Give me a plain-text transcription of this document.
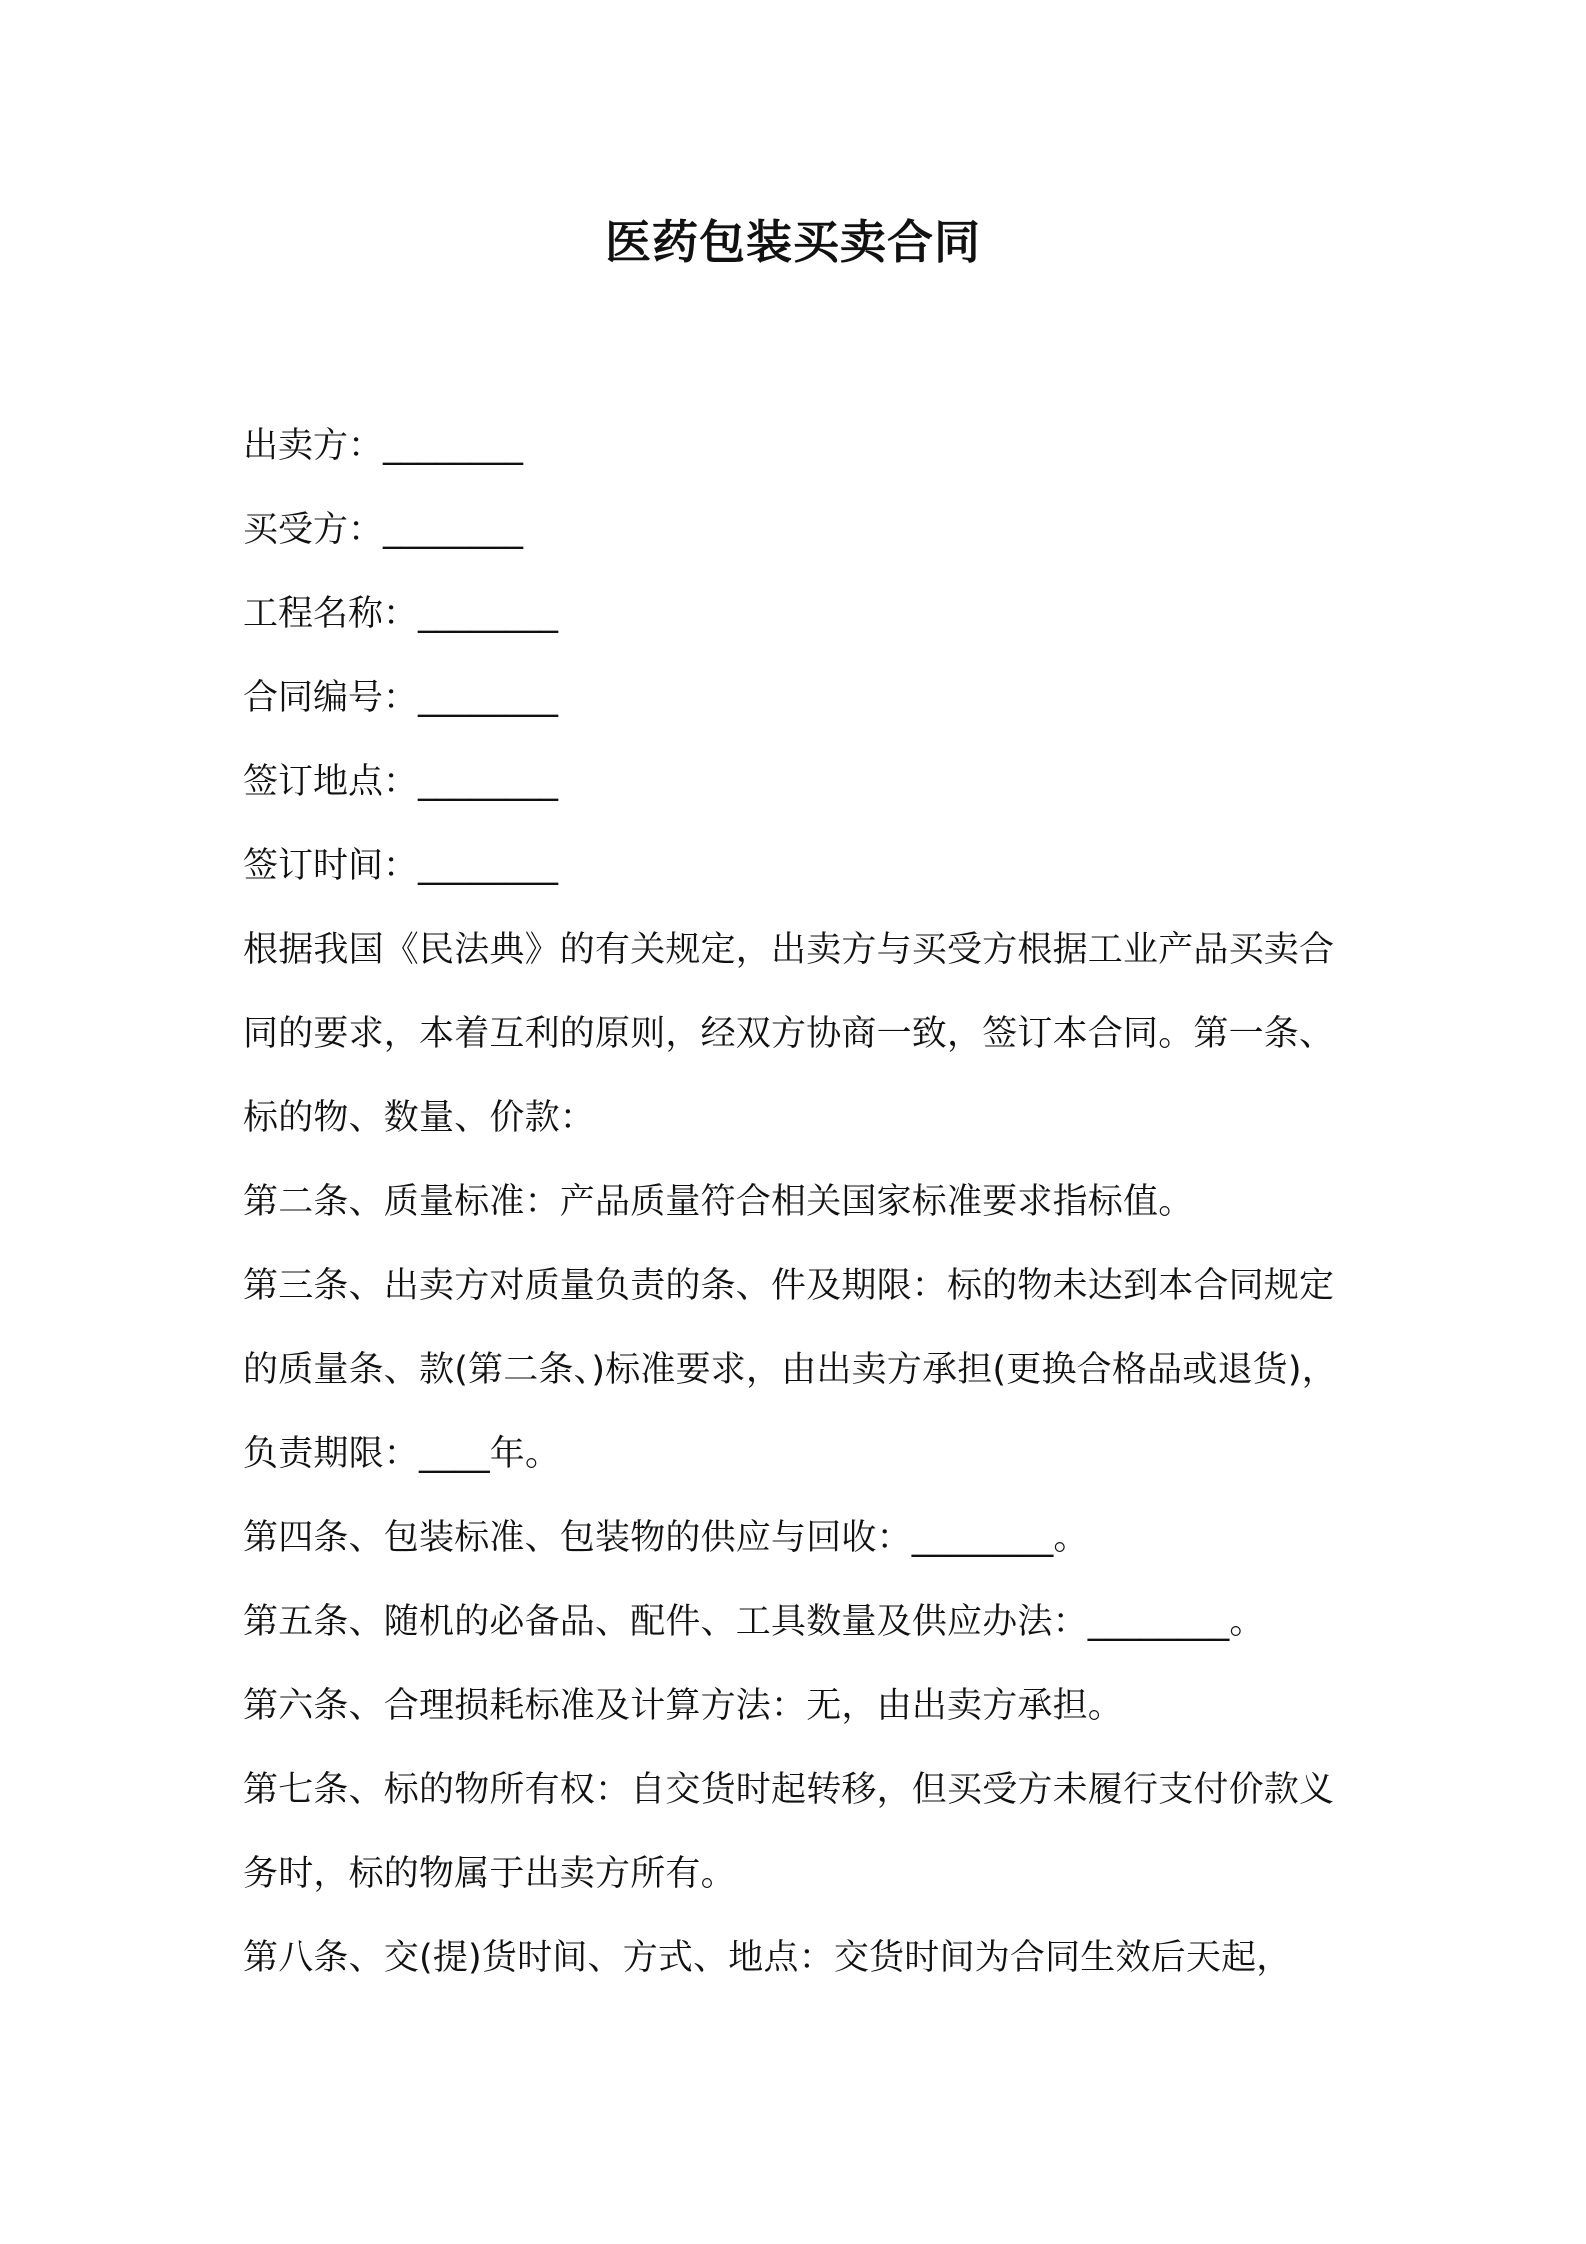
医药包装买卖合同
出卖方：________
买受方：________
工程名称：________
合同编号：________
签订地点：________
签订时间：________
根据我国《民法典》的有关规定，出卖方与买受方根据工业产品买卖合同的要求，本着互利的原则，经双方协商一致，签订本合同。第一条、标的物、数量、价款：
第二条、质量标准：产品质量符合相关国家标准要求指标值。
第三条、出卖方对质量负责的条、件及期限：标的物未达到本合同规定的质量条、款(第二条、)标准要求，由出卖方承担(更换合格品或退货)，负责期限：____年。
第四条、包装标准、包装物的供应与回收：________。
第五条、随机的必备品、配件、工具数量及供应办法：________。
第六条、合理损耗标准及计算方法：无，由出卖方承担。
第七条、标的物所有权：自交货时起转移，但买受方未履行支付价款义务时，标的物属于出卖方所有。
第八条、交(提)货时间、方式、地点：交货时间为合同生效后天起，
